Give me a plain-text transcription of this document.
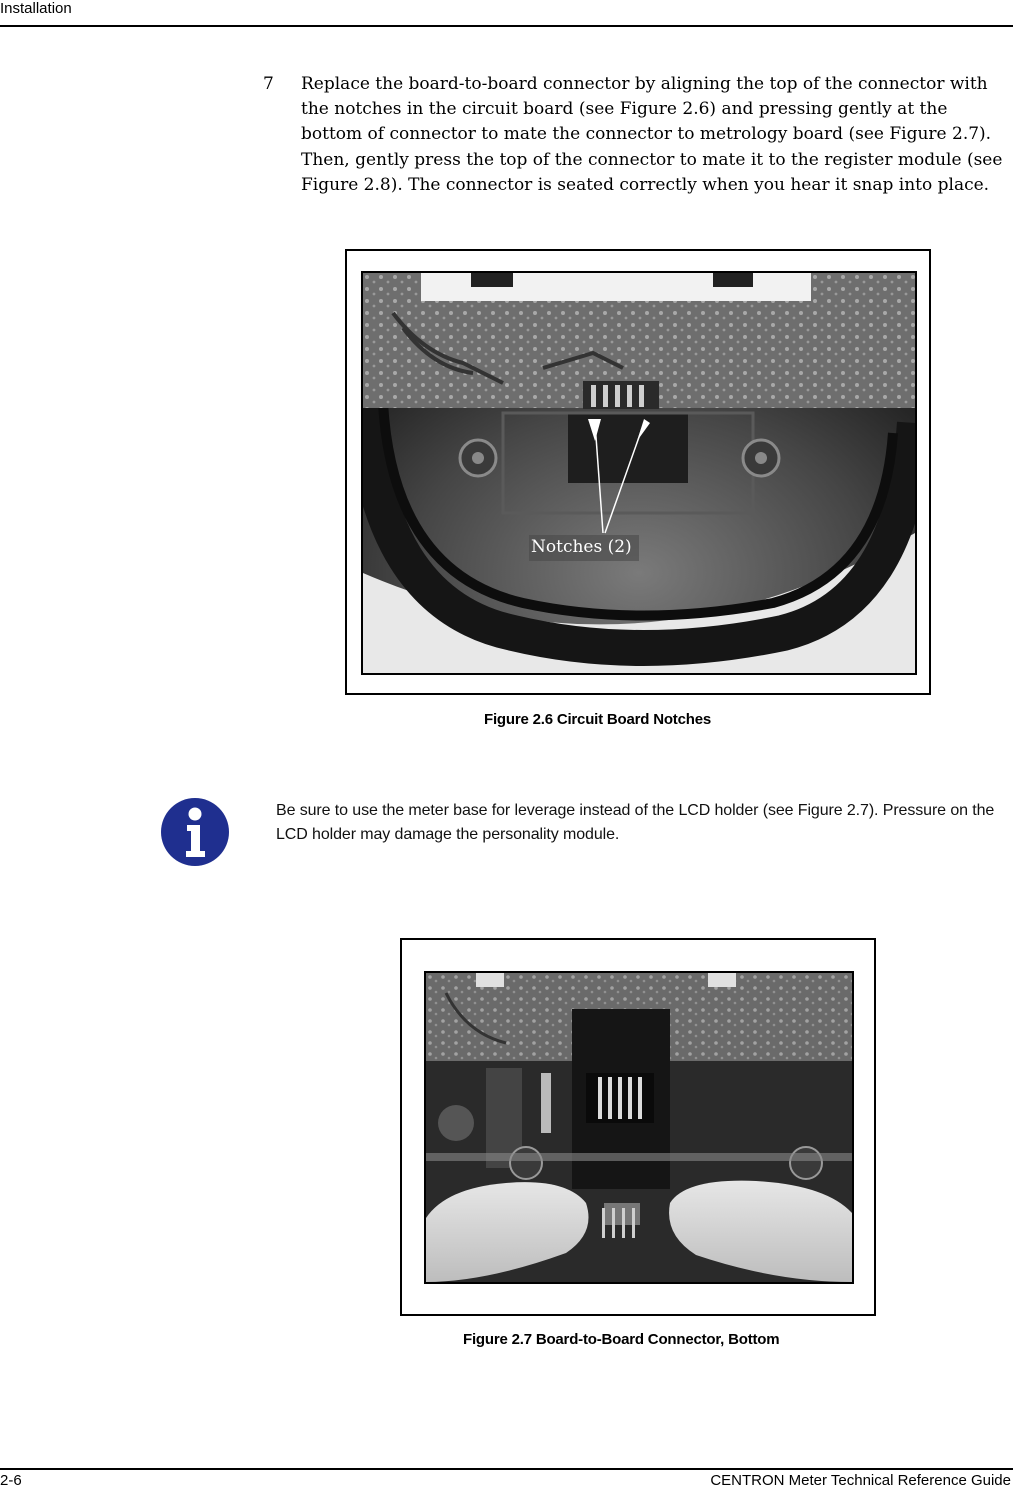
Installation
7 Replace the board-to-board connector by aligning the top of the connector with the notches in the circuit board (see Figure 2.6) and pressing gently at the bottom of connector to mate the connector to metrology board (see Figure 2.7). Then, gently press the top of the connector to mate it to the register module (see Figure 2.8). The connector is seated correctly when you hear it snap into place.
Notches (2)
Figure 2.6 Circuit Board Notches
Be sure to use the meter base for leverage instead of the LCD holder (see Figure 2.7). Pressure on the LCD holder may damage the personality module.
Figure 2.7 Board-to-Board Connector, Bottom
2-6	CENTRON Meter Technical Reference Guide
